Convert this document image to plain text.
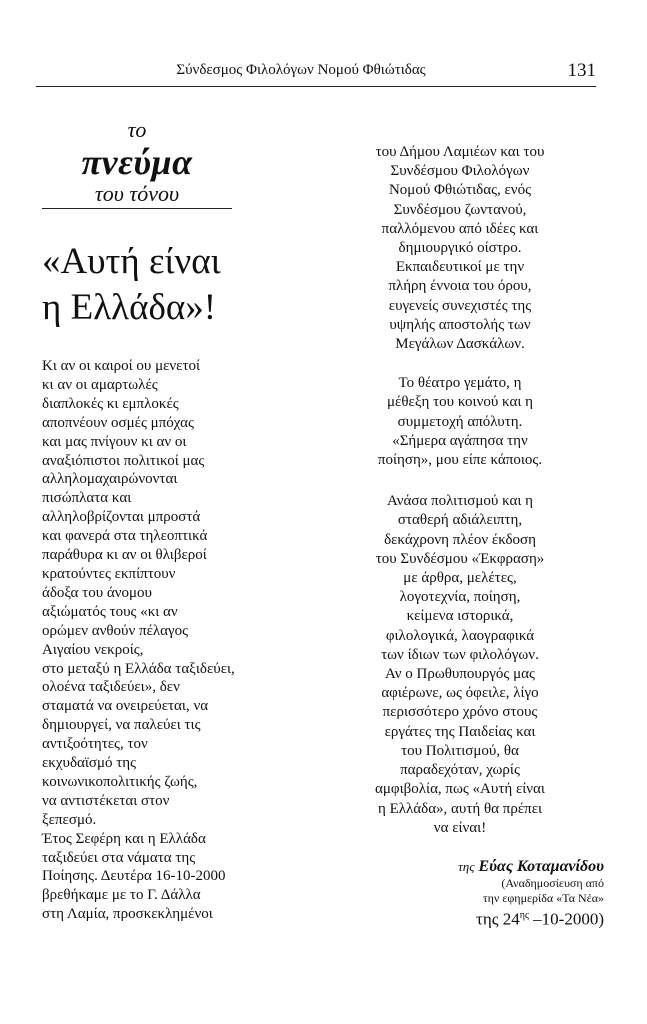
Σύνδεσμος Φιλολόγων Νομού Φθιώτιδας	131
το
πνεύμα
του τόνου
«Αυτή είναι
η Ελλάδα»!
Κι αν οι καιροί ου μενετοί
κι αν οι αμαρτωλές
διαπλοκές κι εμπλοκές
αποπνέουν οσμές μπόχας
και μας πνίγουν κι αν οι
αναξιόπιστοι πολιτικοί μας
αλληλομαχαιρώνονται
πισώπλατα και
αλληλοβρίζονται μπροστά
και φανερά στα τηλεοπτικά
παράθυρα κι αν οι θλιβεροί
κρατούντες εκπίπτουν
άδοξα του άνομου
αξιώματός τους «κι αν
ορώμεν ανθούν πέλαγος
Αιγαίου νεκροίς,
στο μεταξύ η Ελλάδα ταξιδεύει,
ολοένα ταξιδεύει», δεν
σταματά να ονειρεύεται, να
δημιουργεί, να παλεύει τις
αντιξοότητες, τον
εκχυδαϊσμό της
κοινωνικοπολιτικής ζωής,
να αντιστέκεται στον
ξεπεσμό.
Έτος Σεφέρη και η Ελλάδα
ταξιδεύει στα νάματα της
Ποίησης. Δευτέρα 16-10-2000
βρεθήκαμε με το Γ. Δάλλα
στη Λαμία, προσκεκλημένοι
του Δήμου Λαμιέων και του
Συνδέσμου Φιλολόγων
Νομού Φθιώτιδας, ενός
Συνδέσμου ζωντανού,
παλλόμενου από ιδέες και
δημιουργικό οίστρο.
Εκπαιδευτικοί με την
πλήρη έννοια του όρου,
ευγενείς συνεχιστές της
υψηλής αποστολής των
Μεγάλων Δασκάλων.
Το θέατρο γεμάτο, η
μέθεξη του κοινού και η
συμμετοχή απόλυτη.
«Σήμερα αγάπησα την
ποίηση», μου είπε κάποιος.
Ανάσα πολιτισμού και η
σταθερή αδιάλειπτη,
δεκάχρονη πλέον έκδοση
του Συνδέσμου «Έκφραση»
με άρθρα, μελέτες,
λογοτεχνία, ποίηση,
κείμενα ιστορικά,
φιλολογικά, λαογραφικά
των ίδιων των φιλολόγων.
Αν ο Πρωθυπουργός μας
αφιέρωνε, ως όφειλε, λίγο
περισσότερο χρόνο στους
εργάτες της Παιδείας και
του Πολιτισμού, θα
παραδεχόταν, χωρίς
αμφιβολία, πως «Αυτή είναι
η Ελλάδα», αυτή θα πρέπει
να είναι!
της Εύας Κοταμανίδου
(Αναδημοσίευση από
την εφημερίδα «Τα Νέα»
της $24^{\eta\varsigma}$ –10-2000)
